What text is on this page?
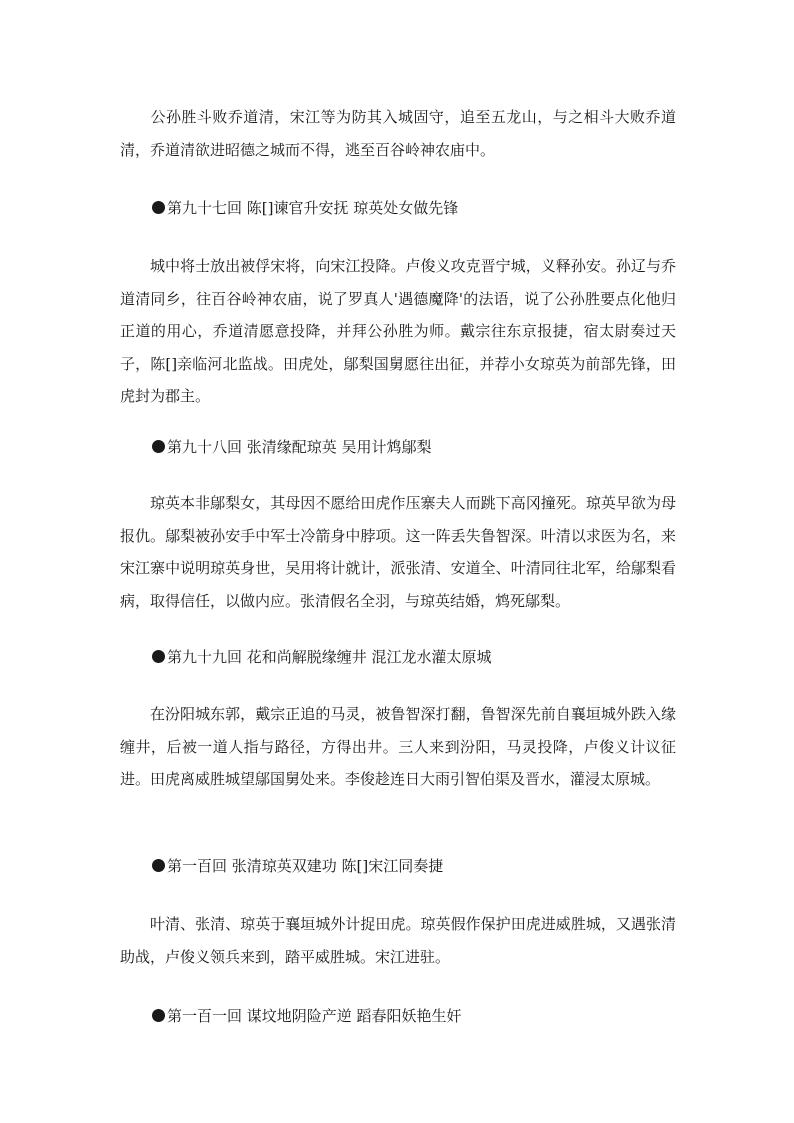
公孙胜斗败乔道清，宋江等为防其入城固守，追至五龙山，与之相斗大败乔道清，乔道清欲进昭德之城而不得，逃至百谷岭神农庙中。

第九十七回 陈[]谏官升安抚 琼英处女做先锋

城中将士放出被俘宋将，向宋江投降。卢俊义攻克晋宁城，义释孙安。孙辽与乔道清同乡，往百谷岭神农庙，说了罗真人'遇德魔降'的法语，说了公孙胜要点化他归正道的用心，乔道清愿意投降，并拜公孙胜为师。戴宗往东京报捷，宿太尉奏过天子，陈[]亲临河北监战。田虎处，鄔梨国舅愿往出征，并荐小女琼英为前部先锋，田虎封为郡主。

第九十八回 张清缘配琼英 吴用计鸩鄔梨

琼英本非鄔梨女，其母因不愿给田虎作压寨夫人而跳下高冈撞死。琼英早欲为母报仇。鄔梨被孙安手中军士冷箭身中脖项。这一阵丢失鲁智深。叶清以求医为名，来宋江寨中说明琼英身世，吴用将计就计，派张清、安道全、叶清同往北军，给鄔梨看病，取得信任，以做内应。张清假名全羽，与琼英结婚，鸩死鄔梨。

第九十九回 花和尚解脱缘缠井 混江龙水灌太原城

在汾阳城东郭，戴宗正追的马灵，被鲁智深打翻，鲁智深先前自襄垣城外跌入缘缠井，后被一道人指与路径，方得出井。三人来到汾阳，马灵投降，卢俊义计议征进。田虎离威胜城望鄔国舅处来。李俊趁连日大雨引智伯渠及晋水，灌浸太原城。

第一百回 张清琼英双建功 陈[]宋江同奏捷

叶清、张清、琼英于襄垣城外计捉田虎。琼英假作保护田虎进威胜城，又遇张清助战，卢俊义领兵来到，踏平威胜城。宋江进驻。

第一百一回 谋坟地阴险产逆 蹈春阳妖艳生奸
